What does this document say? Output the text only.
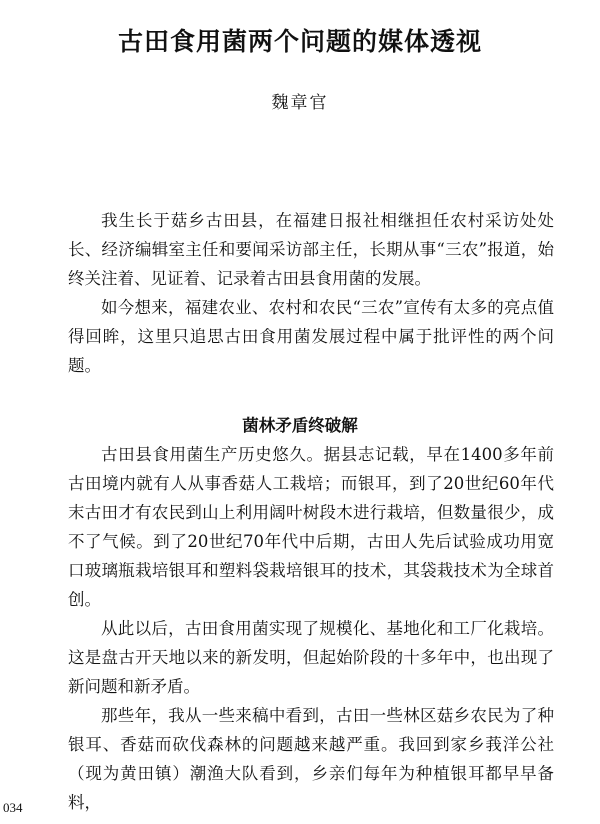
古田食用菌两个问题的媒体透视
魏章官

我生长于菇乡古田县，在福建日报社相继担任农村采访处处长、经济编辑室主任和要闻采访部主任，长期从事“三农”报道，始终关注着、见证着、记录着古田县食用菌的发展。

如今想来，福建农业、农村和农民“三农”宣传有太多的亮点值得回眸，这里只追思古田食用菌发展过程中属于批评性的两个问题。

菌林矛盾终破解

古田县食用菌生产历史悠久。据县志记载，早在1400多年前古田境内就有人从事香菇人工栽培；而银耳，到了20世纪60年代末古田才有农民到山上利用阔叶树段木进行栽培，但数量很少，成不了气候。到了20世纪70年代中后期，古田人先后试验成功用宽口玻璃瓶栽培银耳和塑料袋栽培银耳的技术，其袋栽技术为全球首创。

从此以后，古田食用菌实现了规模化、基地化和工厂化栽培。这是盘古开天地以来的新发明，但起始阶段的十多年中，也出现了新问题和新矛盾。

那些年，我从一些来稿中看到，古田一些林区菇乡农民为了种银耳、香菇而砍伐森林的问题越来越严重。我回到家乡莪洋公社（现为黄田镇）潮渔大队看到，乡亲们每年为种植银耳都早早备料，

034
